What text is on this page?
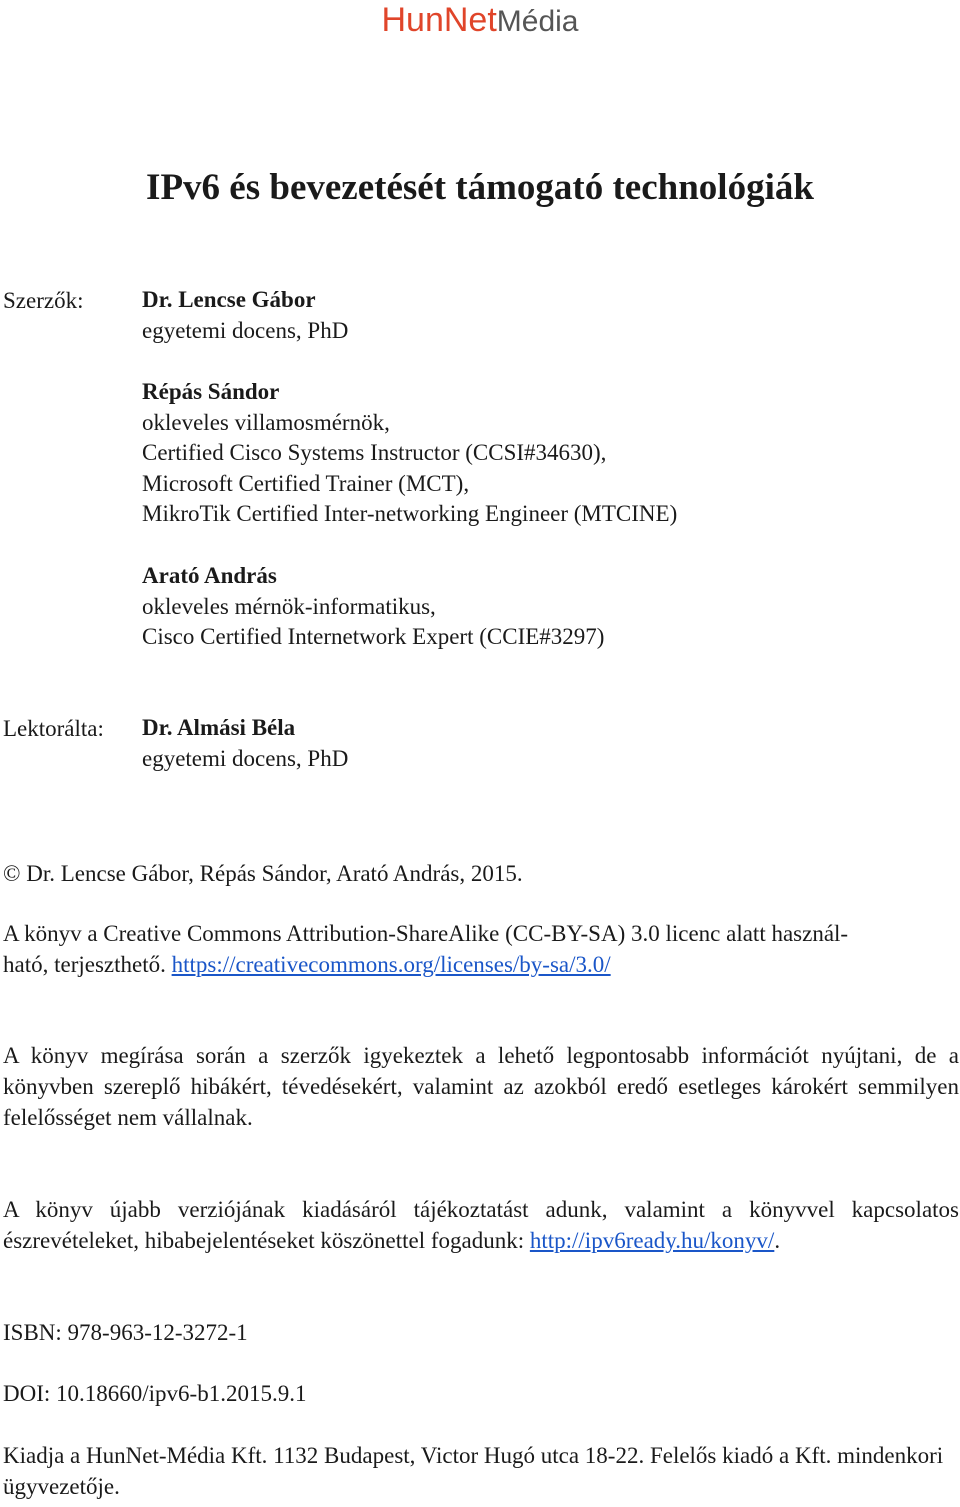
HunNetMédia
IPv6 és bevezetését támogató technológiák
Szerzők:	Dr. Lencse Gábor
egyetemi docens, PhD
Répás Sándor
okleveles villamosmérnök,
Certified Cisco Systems Instructor (CCSI#34630),
Microsoft Certified Trainer (MCT),
MikroTik Certified Inter-networking Engineer (MTCINE)
Arató András
okleveles mérnök-informatikus,
Cisco Certified Internetwork Expert (CCIE#3297)
Lektorálta: Dr. Almási Béla
egyetemi docens, PhD
© Dr. Lencse Gábor, Répás Sándor, Arató András, 2015.
A könyv a Creative Commons Attribution-ShareAlike (CC-BY-SA) 3.0 licenc alatt használ-
ható, terjeszthető. https://creativecommons.org/licenses/by-sa/3.0/
A könyv megírása során a szerzők igyekeztek a lehető legpontosabb információt nyújtani, de a könyvben szereplő hibákért, tévedésekért, valamint az azokból eredő esetleges károkért semmilyen felelősséget nem vállalnak.
A könyv újabb verziójának kiadásáról tájékoztatást adunk, valamint a könyvvel kapcsolatos észrevételeket, hibabejelentéseket köszönettel fogadunk: http://ipv6ready.hu/konyv/.
ISBN: 978-963-12-3272-1
DOI: 10.18660/ipv6-b1.2015.9.1
Kiadja a HunNet-Média Kft. 1132 Budapest, Victor Hugó utca 18-22. Felelős kiadó a Kft. mindenkori ügyvezetője.
